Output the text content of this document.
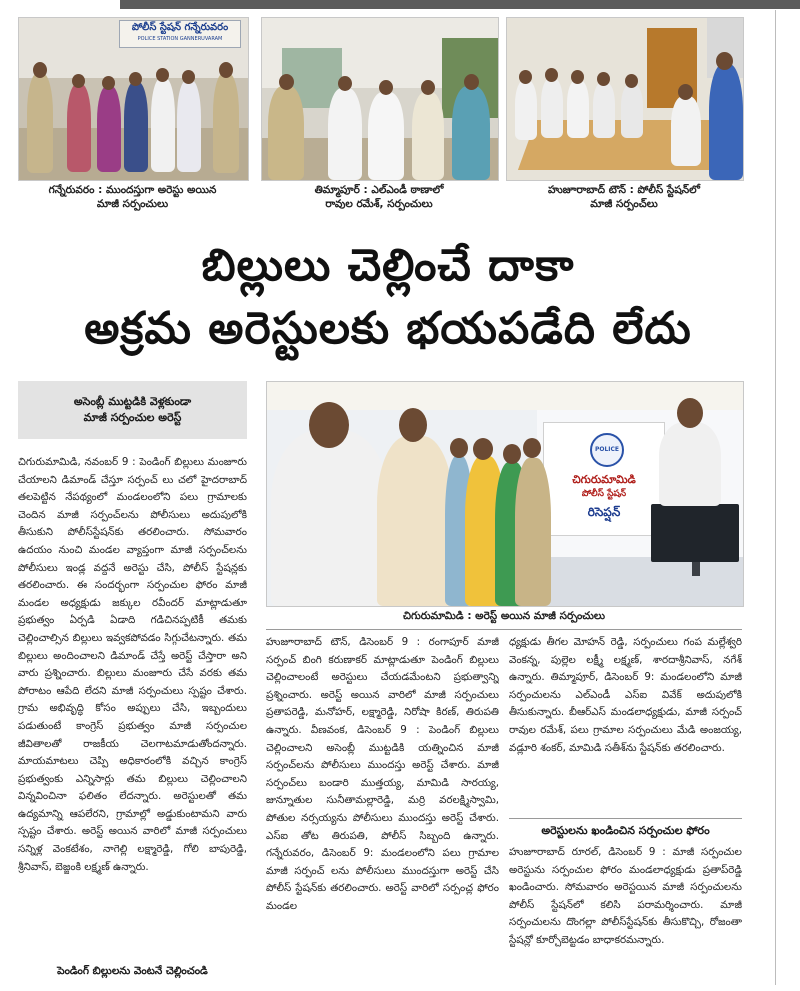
పోలీస్ స్టేషన్ గన్నేరువరం
POLICE STATION GANNERUVARAM
గన్నేరువరం : ముందస్తుగా అరెస్టు అయిన
మాజీ సర్పంచులు
తిమ్మాపూర్ : ఎల్ఎండీ ఠాణాలో
రావుల రమేశ్, సర్పంచులు
హుజూరాబాద్ టౌన్ : పోలీస్ స్టేషన్‌లో
మాజీ సర్పంచ్‌లు
బిల్లులు చెల్లించే దాకా
అక్రమ అరెస్టులకు భయపడేది లేదు
అసెంబ్లీ ముట్టడికి వెళ్లకుండా
మాజీ సర్పంచుల అరెస్ట్
POLICE
చిగురుమామిడి
పోలీస్ స్టేషన్
రిసెప్షన్
చిగురుమామిడి : అరెస్ట్ అయిన మాజీ సర్పంచులు

చిగురుమామిడి, నవంబర్ 9 : పెండింగ్ బిల్లులు మంజూరు చేయాలని డిమాండ్ చేస్తూ సర్పంచ్ లు చలో హైదరాబాద్ తలపెట్టిన నేపథ్యంలో మండలంలోని పలు గ్రామాలకు చెందిన మాజీ సర్పంచ్‌లను పోలీసులు అదుపులోకి తీసుకుని పోలీస్‌స్టేషన్‌కు తరలించారు. సోమవారం ఉదయం నుంచి మండల వ్యాప్తంగా మాజీ సర్పంచ్‌లను పోలీసులు ఇండ్ల వద్దనే అరెస్టు చేసి, పోలీస్ స్టేషన్లకు తరలించారు. ఈ సందర్భంగా సర్పంచుల ఫోరం మాజీ మండల అధ్యక్షుడు జక్కుల రవీందర్ మాట్లాడుతూ ప్రభుత్వం ఏర్పడి ఏడాది గడిచినప్పటికీ తమకు చెల్లించాల్సిన బిల్లులు ఇవ్వకపోవడం సిగ్గుచేటన్నారు. తమ బిల్లులు అందించాలని డిమాండ్ చేస్తే అరెస్ట్ చేస్తారా అని వారు ప్రశ్నించారు. బిల్లులు మంజూరు చేసే వరకు తమ పోరాటం ఆపేది లేదని మాజీ సర్పంచులు స్పష్టం చేశారు. గ్రామ అభివృద్ధి కోసం అప్పులు చేసి, ఇబ్బందులు పడుతుంటే కాంగ్రెస్ ప్రభుత్వం మాజీ సర్పంచుల జీవితాలతో రాజకీయ చెలగాటమాడుతోందన్నారు. మాయమాటలు చెప్పి అధికారంలోకి వచ్చిన కాంగ్రెస్ ప్రభుత్వంకు ఎన్నిసార్లు తమ బిల్లులు చెల్లించాలని విన్నవించినా ఫలితం లేదన్నారు. అరెస్టులతో తమ ఉద్యమాన్ని ఆపలేరని, గ్రామాల్లో అడ్డుకుంటామని వారు స్పష్టం చేశారు. అరెస్ట్ అయిన వారిలో మాజీ సర్పంచులు సన్నిళ్ల వెంకటేశం, నాగెల్లి లక్ష్మారెడ్డి, గోలి బాపురెడ్డి, శ్రీనివాస్, బెజ్జంకి లక్ష్మణ్ ఉన్నారు.

పెండింగ్ బిల్లులను వెంటనే చెల్లించండి

హుజూరాబాద్ టౌన్, డిసెంబర్ 9 : రంగాపూర్ మాజీ సర్పంచ్ బింగి కరుణాకర్ మాట్లాడుతూ పెండింగ్ బిల్లులు చెల్లించాలంటే అరెస్టులు చేయడమేంటని ప్రభుత్వాన్ని ప్రశ్నించారు. అరెస్ట్ అయిన వారిలో మాజీ సర్పంచులు ప్రతాపరెడ్డి, మనోహర్, లక్ష్మారెడ్డి, నిరోషా కిరణ్, తిరుపతి ఉన్నారు. వీణవంక, డిసెంబర్ 9 : పెండింగ్ బిల్లులు చెల్లించాలని అసెంబ్లీ ముట్టడికి యత్నించిన మాజీ సర్పంచ్‌లను పోలీసులు ముందస్తు అరెస్ట్ చేశారు. మాజీ సర్పంచ్‌లు బండారి ముత్తయ్య, మామిడి సారయ్య, జున్నూతుల సునీతామల్లారెడ్డి, మర్రి వరలక్ష్మిస్వామి, పోతుల నర్సయ్యను పోలీసులు ముందస్తు అరెస్ట్ చేశారు. ఎస్ఐ తోట తిరుపతి, పోలీస్ సిబ్బంది ఉన్నారు. గన్నేరువరం, డిసెంబర్ 9: మండలంలోని పలు గ్రామాల మాజీ సర్పంచ్ లను పోలీసులు ముందస్తుగా అరెస్ట్ చేసి పోలీస్ స్టేషన్‌కు తరలించారు. అరెస్ట్ వారిలో సర్పంచ్ల ఫోరం మండల

ధ్యక్షుడు తీగల మోహన్ రెడ్డి, సర్పంచులు గంప మల్లేశ్వరి వెంకన్న, పుల్లెల లక్ష్మీ లక్ష్మణ్, శారదాశ్రీనివాస్, నగేశ్ ఉన్నారు. తిమ్మాపూర్, డిసెంబర్ 9: మండలంలోని మాజీ సర్పంచులను ఎల్ఎండీ ఎస్ఐ వివేక్ అదుపులోకి తీసుకున్నారు. బీఆర్ఎస్ మండలాధ్యక్షుడు, మాజీ సర్పంచ్ రావుల రమేశ్, పలు గ్రామాల సర్పంచులు మేడి అంజయ్య, వడ్లూరి శంకర్, మామిడి సతీశ్‌ను స్టేషన్‌కు తరలించారు.

అరెస్టులను ఖండించిన సర్పంచుల ఫోరం

హుజూరాబాద్ రూరల్, డిసెంబర్ 9 : మాజీ సర్పంచుల అరెస్టును సర్పంచుల ఫోరం మండలాధ్యక్షుడు ప్రతాప్‌రెడ్డి ఖండించారు. సోమవారం అరెస్టయిన మాజీ సర్పంచులను పోలీస్ స్టేషన్‌లో కలిసి పరామర్శించారు. మాజీ సర్పంచులను దొంగల్లా పోలీస్‌స్టేషన్‌కు తీసుకొచ్చి, రోజంతా స్టేషన్లో కూర్చోబెట్టడం బాధాకరమన్నారు.
